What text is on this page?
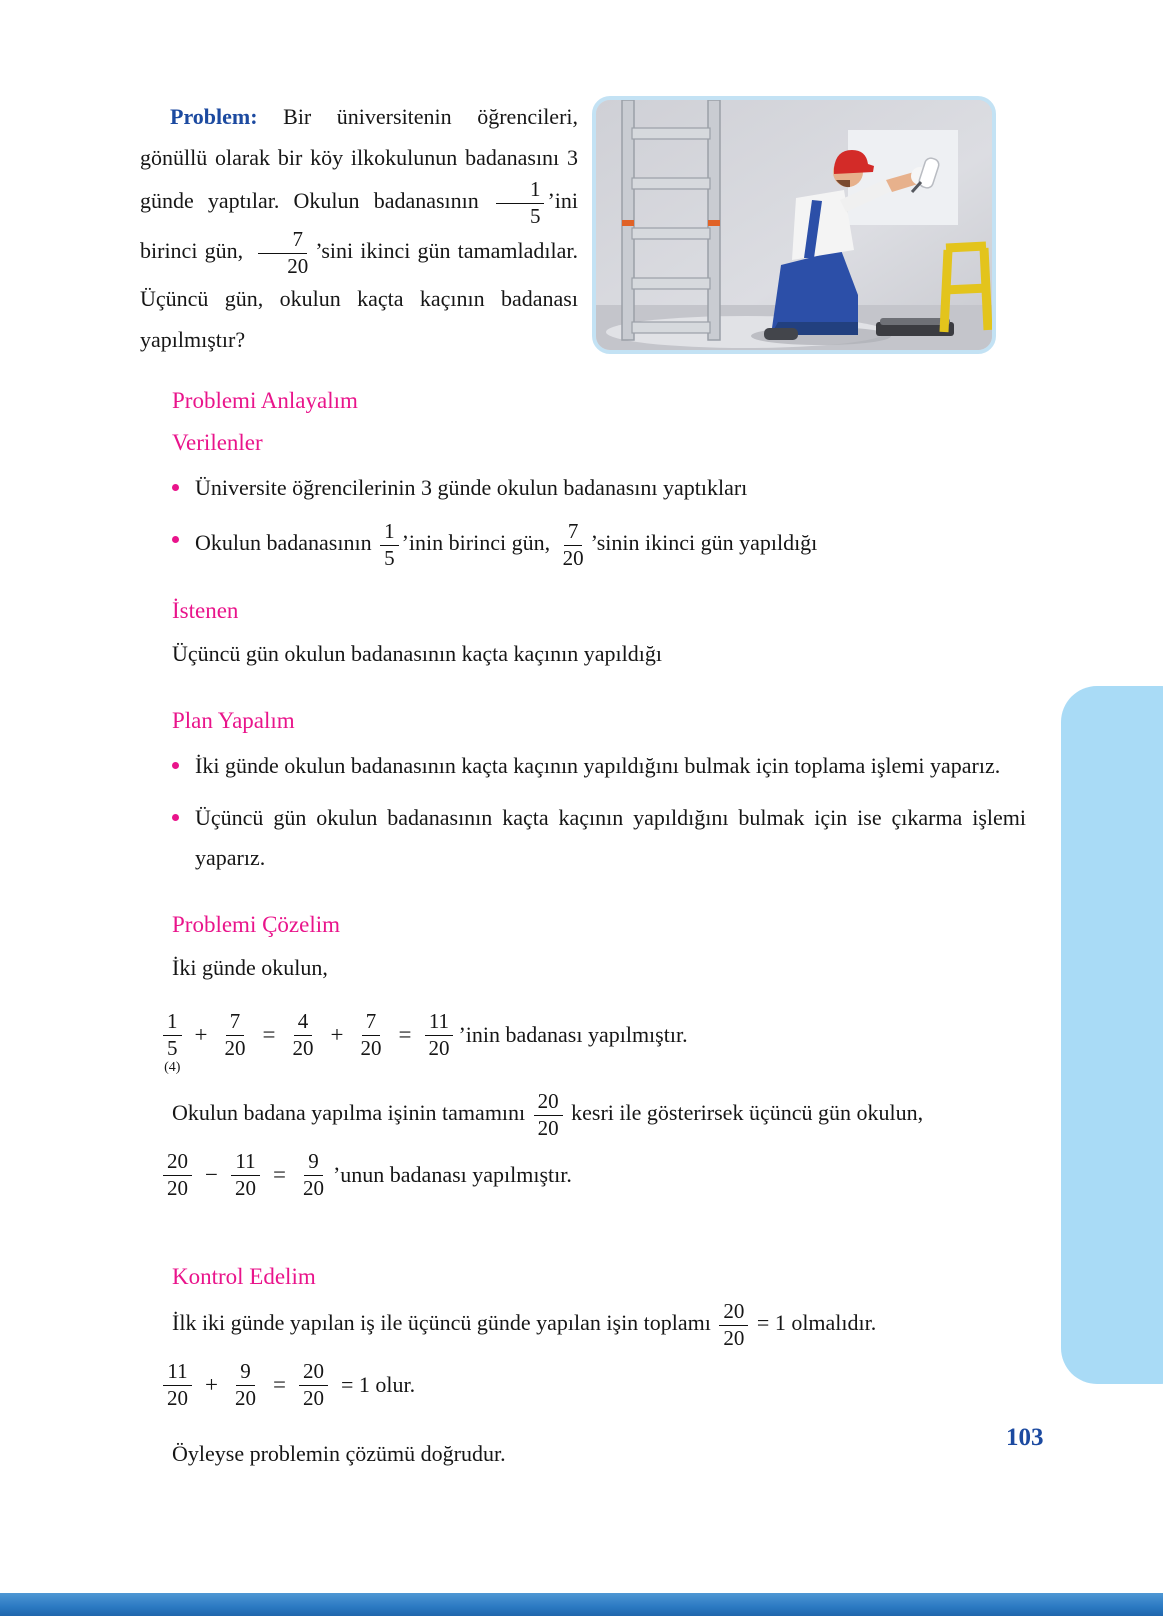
Problem: Bir üniversitenin öğrencileri, gönüllü olarak bir köy ilkokulunun badanasını 3 günde yaptılar. Okulun badanasının $\frac{1}{5}$ ’ini birinci gün, $\frac{7}{20}$ ’sini ikinci gün tamamladılar. Üçüncü gün, okulun kaçta kaçının badanası yapılmıştır?

Problemi Anlayalım
Verilenler
Üniversite öğrencilerinin 3 günde okulun badanasını yaptıkları
Okulun badanasının $\frac{1}{5}$ ’inin birinci gün, $\frac{7}{20}$ ’sinin ikinci gün yapıldığı
İstenen

Üçüncü gün okulun badanasının kaçta kaçının yapıldığı

Plan Yapalım
İki günde okulun badanasının kaçta kaçının yapıldığını bulmak için toplama işlemi yaparız.
Üçüncü gün okulun badanasının kaçta kaçının yapıldığını bulmak için ise çıkarma işlemi yaparız.
Problemi Çözelim

İki günde okulun,

1
5
(4)
+ $\frac{7}{20} = \frac{4}{20} + \frac{7}{20} = \frac{11}{20}$ ’inin badanası yapılmıştır.

Okulun badana yapılma işinin tamamını $\frac{20}{20}$ kesri ile gösterirsek üçüncü gün okulun,

$\frac{20}{20} - \frac{11}{20} = \frac{9}{20}$ ’unun badanası yapılmıştır.
Kontrol Edelim

İlk iki günde yapılan iş ile üçüncü günde yapılan işin toplamı $\frac{20}{20} = 1$ olmalıdır.

$\frac{11}{20} + \frac{9}{20} = \frac{20}{20} = 1$ olur.

Öyleyse problemin çözümü doğrudur.

103
